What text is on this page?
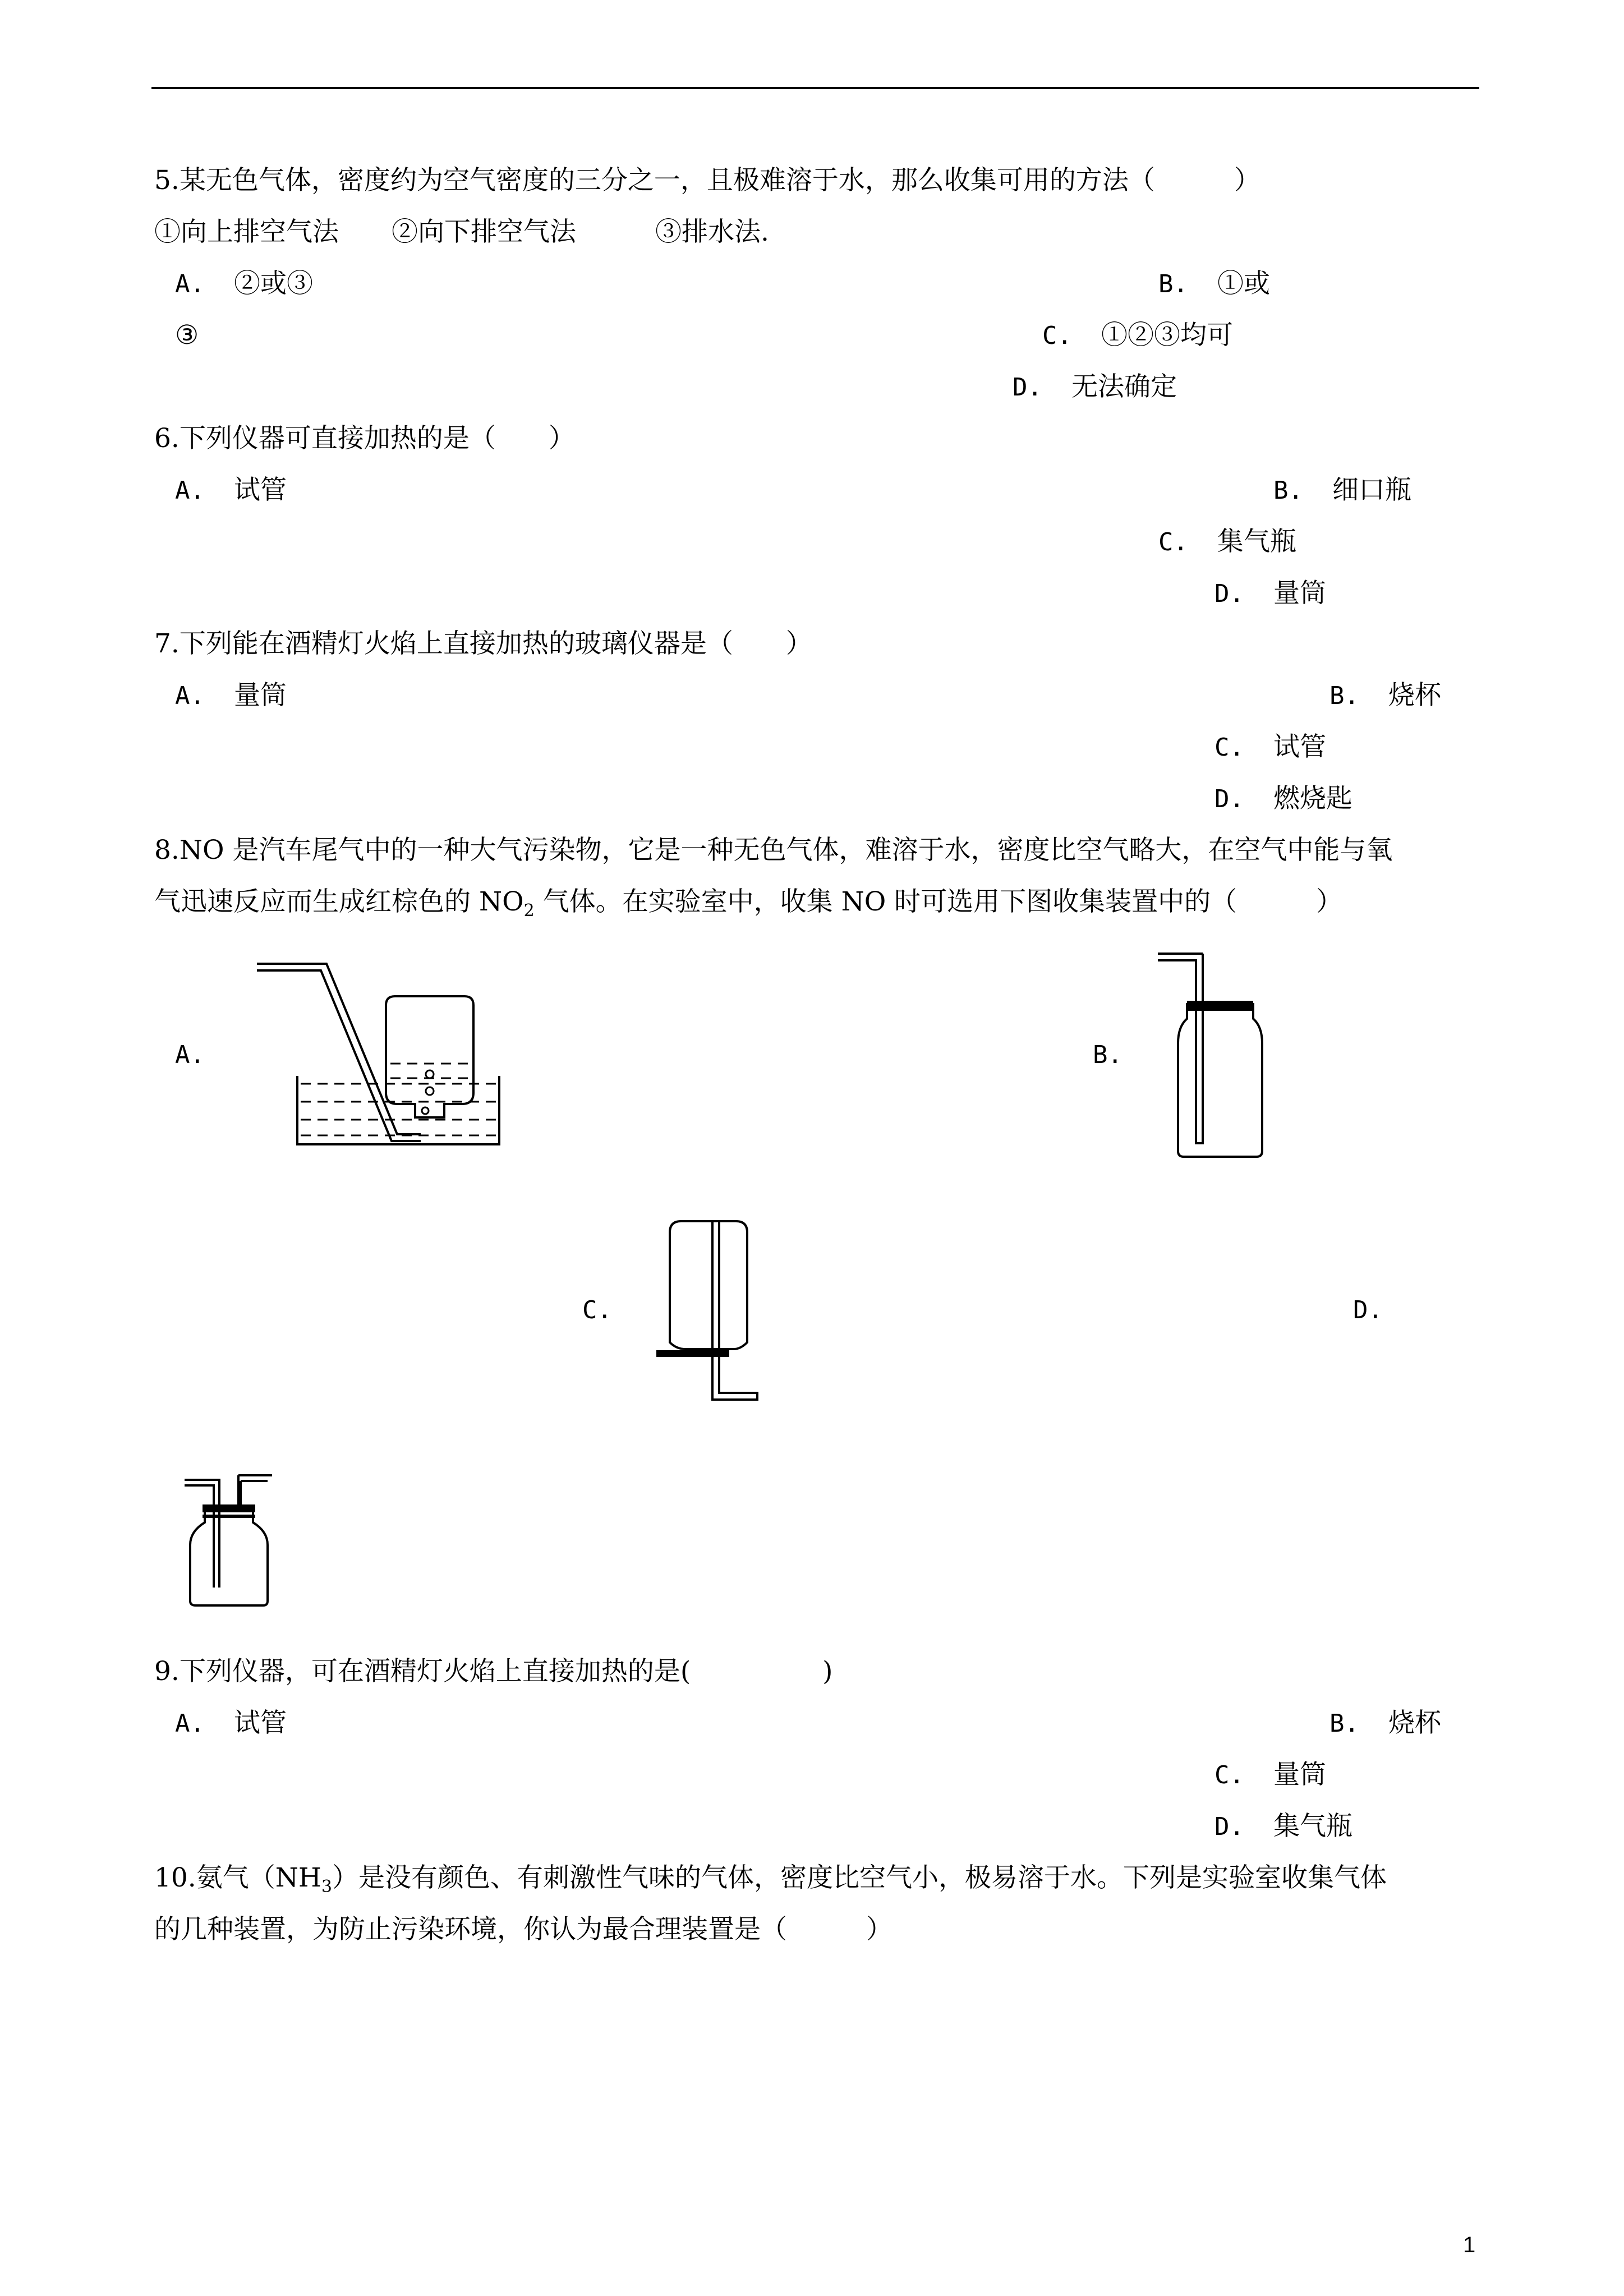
5.某无色气体，密度约为空气密度的三分之一，且极难溶于水，那么收集可用的方法（　　　）
①向上排空气法　　②向下排空气法　　　③排水法.
A. ②或③	B. ①或
③	C. ①②③均可
D. 无法确定
6.下列仪器可直接加热的是（　　）
A. 试管	B. 细口瓶
C. 集气瓶
D. 量筒
7.下列能在酒精灯火焰上直接加热的玻璃仪器是（　　）
A. 量筒	B. 烧杯
C. 试管
D. 燃烧匙
8.NO 是汽车尾气中的一种大气污染物，它是一种无色气体，难溶于水，密度比空气略大，在空气中能与氧
气迅速反应而生成红棕色的 $NO_2$ 气体。在实验室中，收集 NO 时可选用下图收集装置中的（　　　）
A.	B.
C.	D.
9.下列仪器，可在酒精灯火焰上直接加热的是(　　　　　)
A. 试管	B. 烧杯
C. 量筒
D. 集气瓶
10.氨气$(NH_3)$是没有颜色、有刺激性气味的气体，密度比空气小，极易溶于水。下列是实验室收集气体
的几种装置，为防止污染环境，你认为最合理装置是（　　　）
1
